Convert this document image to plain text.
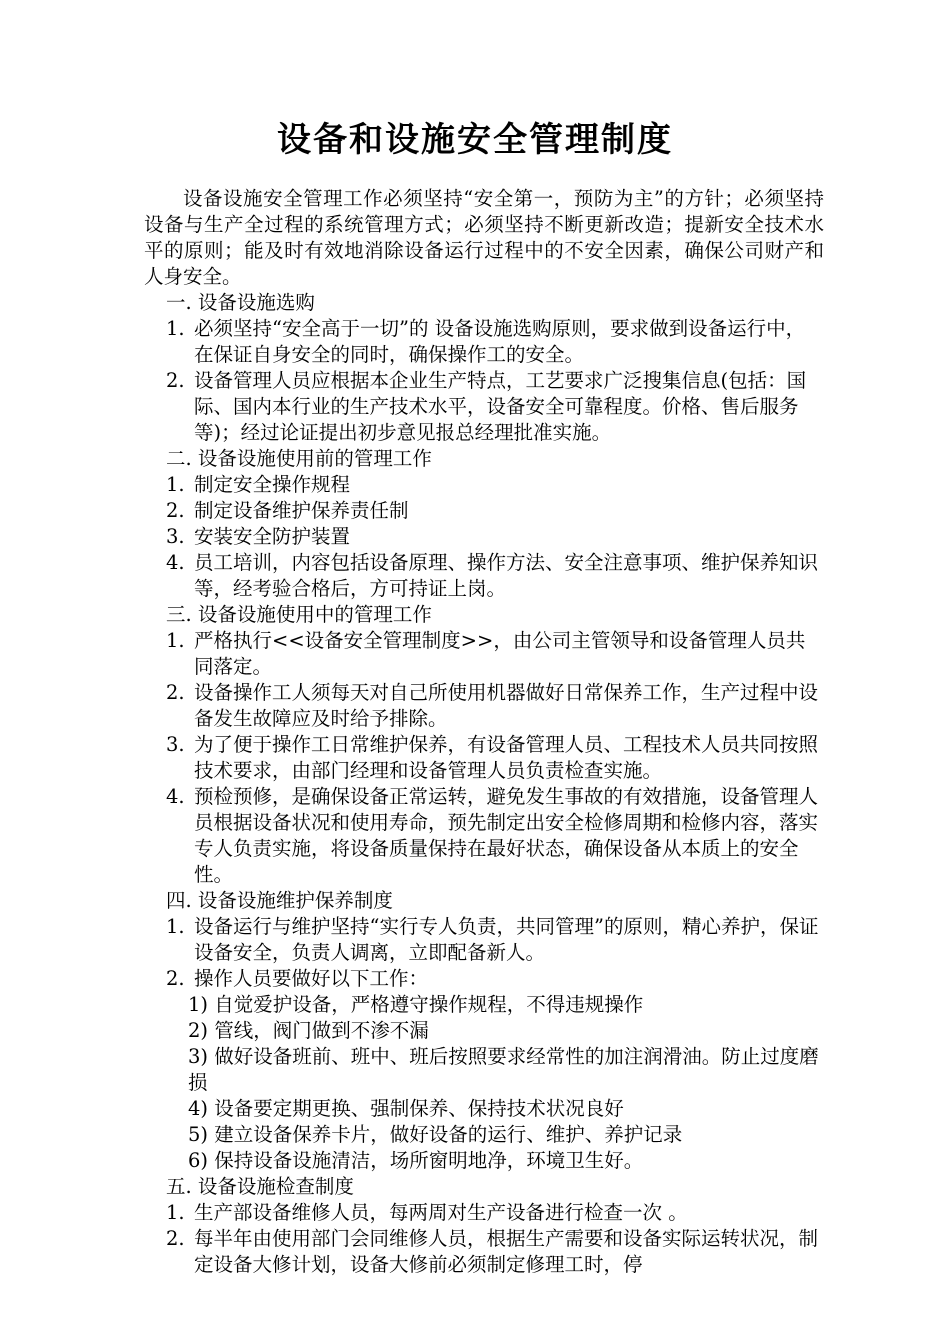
设备和设施安全管理制度

设备设施安全管理工作必须坚持“安全第一，预防为主”的方针；必须坚持设备与生产全过程的系统管理方式；必须坚持不断更新改造；提新安全技术水平的原则；能及时有效地消除设备运行过程中的不安全因素，确保公司财产和人身安全。

一. 设备设施选购
1. 必须坚持“安全高于一切”的 设备设施选购原则，要求做到设备运行中，在保证自身安全的同时，确保操作工的安全。
2. 设备管理人员应根据本企业生产特点，工艺要求广泛搜集信息(包括：国际、国内本行业的生产技术水平，设备安全可靠程度。价格、售后服务等)；经过论证提出初步意见报总经理批准实施。
二. 设备设施使用前的管理工作
1. 制定安全操作规程
2. 制定设备维护保养责任制
3. 安装安全防护装置
4. 员工培训，内容包括设备原理、操作方法、安全注意事项、维护保养知识等，经考验合格后，方可持证上岗。
三. 设备设施使用中的管理工作
1. 严格执行<<设备安全管理制度>>，由公司主管领导和设备管理人员共同落定。
2. 设备操作工人须每天对自己所使用机器做好日常保养工作，生产过程中设备发生故障应及时给予排除。
3. 为了便于操作工日常维护保养，有设备管理人员、工程技术人员共同按照技术要求，由部门经理和设备管理人员负责检查实施。
4. 预检预修，是确保设备正常运转，避免发生事故的有效措施，设备管理人员根据设备状况和使用寿命，预先制定出安全检修周期和检修内容，落实专人负责实施，将设备质量保持在最好状态，确保设备从本质上的安全性。
四. 设备设施维护保养制度
1. 设备运行与维护坚持“实行专人负责，共同管理”的原则，精心养护，保证设备安全，负责人调离，立即配备新人。
2. 操作人员要做好以下工作：
1) 自觉爱护设备，严格遵守操作规程，不得违规操作
2) 管线，阀门做到不渗不漏
3) 做好设备班前、班中、班后按照要求经常性的加注润滑油。防止过度磨损
4) 设备要定期更换、强制保养、保持技术状况良好
5) 建立设备保养卡片，做好设备的运行、维护、养护记录
6) 保持设备设施清洁，场所窗明地净，环境卫生好。
五. 设备设施检查制度
1. 生产部设备维修人员，每两周对生产设备进行检查一次 。
2. 每半年由使用部门会同维修人员，根据生产需要和设备实际运转状况，制定设备大修计划，设备大修前必须制定修理工时，停
